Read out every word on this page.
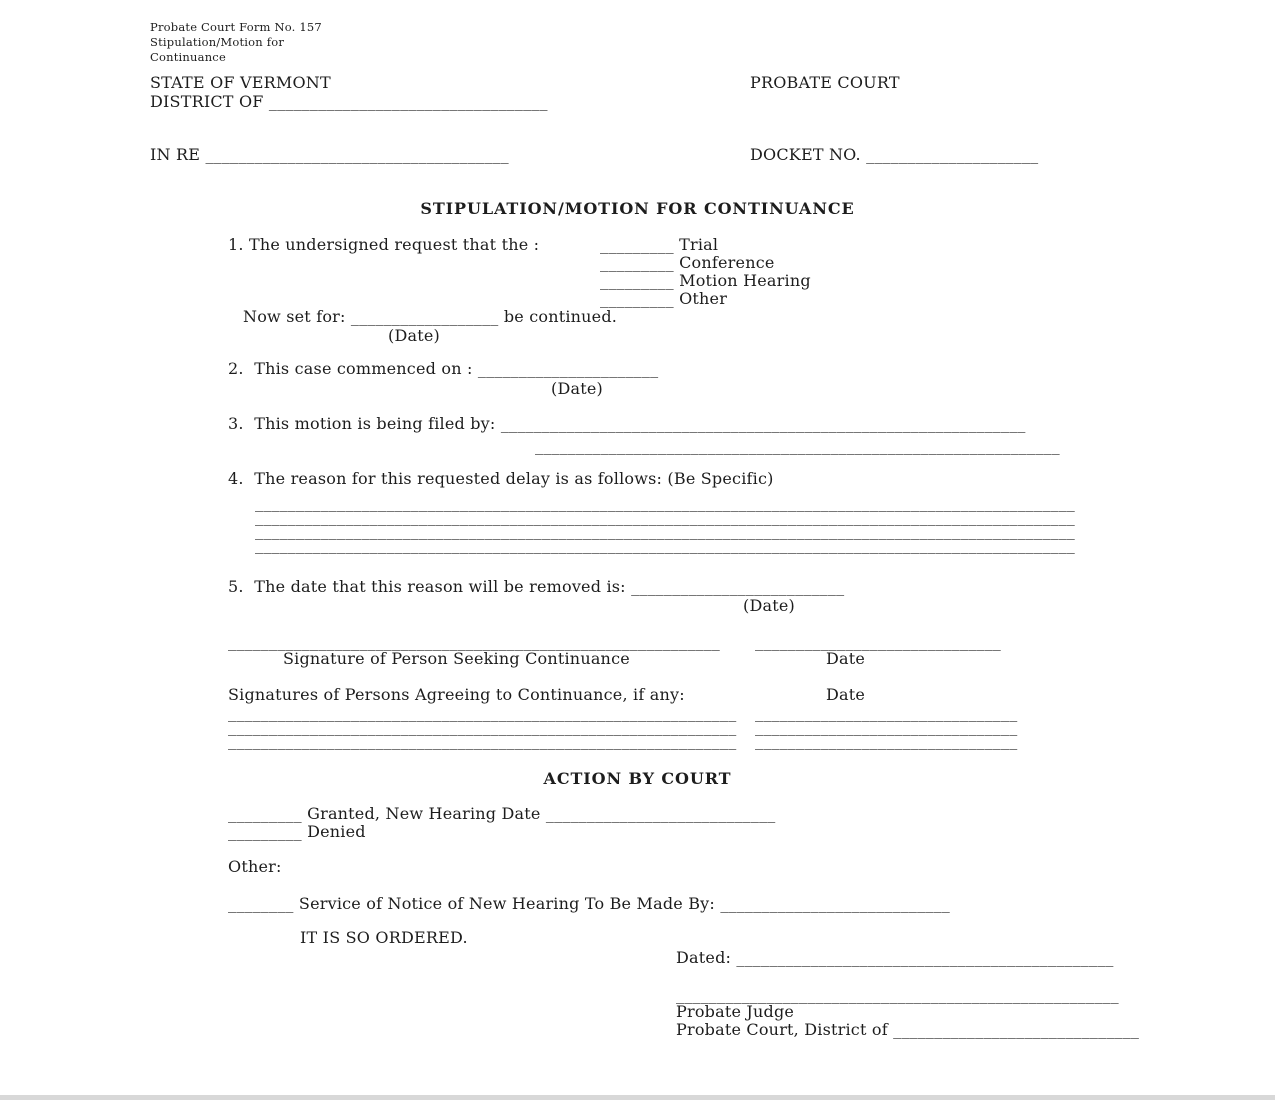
Probate Court Form No. 157
Stipulation/Motion for
Continuance
STATE OF VERMONT	PROBATE COURT
DISTRICT OF __________________________________
IN RE _____________________________________	DOCKET NO. _____________________
STIPULATION/MOTION FOR CONTINUANCE
1. The undersigned request that the :	_________ Trial
_________ Conference
_________ Motion Hearing
_________ Other
Now set for: __________________ be continued.
(Date)
2.  This case commenced on : ______________________
(Date)
3.  This motion is being filed by: ________________________________________________________________
________________________________________________________________
4.  The reason for this requested delay is as follows: (Be Specific)
____________________________________________________________________________________________________
____________________________________________________________________________________________________
____________________________________________________________________________________________________
____________________________________________________________________________________________________
5.  The date that this reason will be removed is: __________________________
(Date)
____________________________________________________________ ______________________________
Signature of Person Seeking Continuance	Date
Signatures of Persons Agreeing to Continuance, if any:	Date
______________________________________________________________ ________________________________
______________________________________________________________ ________________________________
______________________________________________________________ ________________________________
ACTION BY COURT
_________ Granted, New Hearing Date ____________________________
_________ Denied
Other:
________ Service of Notice of New Hearing To Be Made By: ____________________________
IT IS SO ORDERED.
Dated: ______________________________________________
______________________________________________________
Probate Judge
Probate Court, District of ______________________________
